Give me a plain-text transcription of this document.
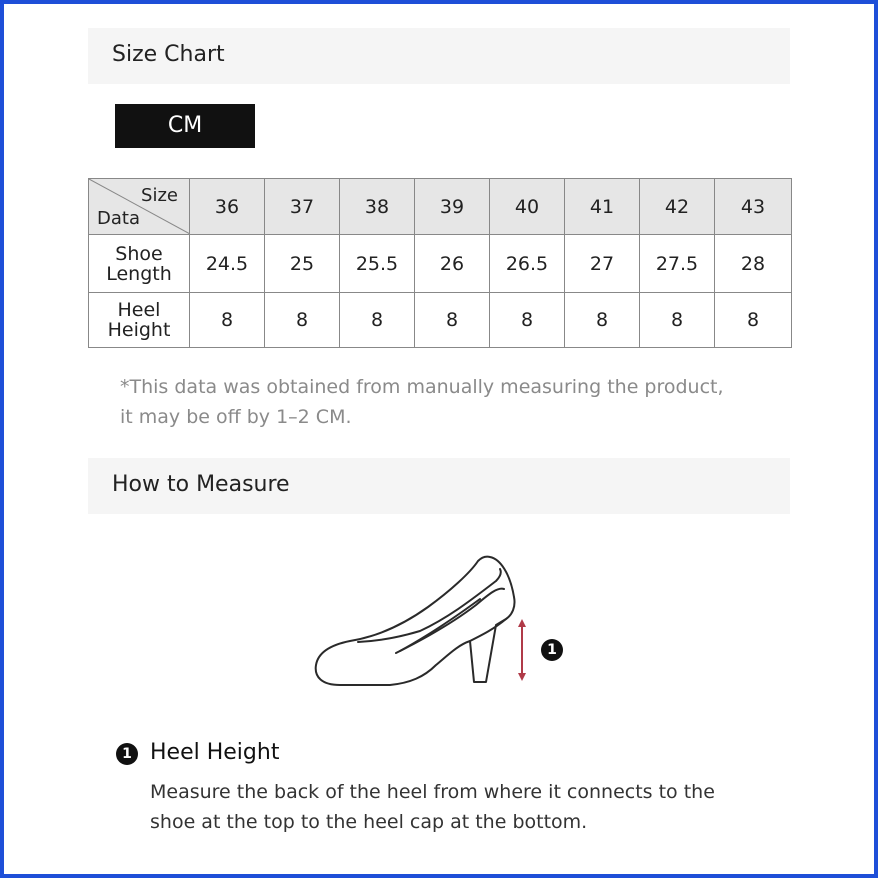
Size Chart
CM
Size
Data	36	37	38	39	40	41	42	43

Shoe
Length	24.5	25	25.5	26	26.5	27	27.5	28

Heel
Height	8	8	8	8	8	8	8	8
*This data was obtained from manually measuring the product,
it may be off by 1–2 CM.
How to Measure
1
1 Heel Height
Measure the back of the heel from where it connects to the
shoe at the top to the heel cap at the bottom.
